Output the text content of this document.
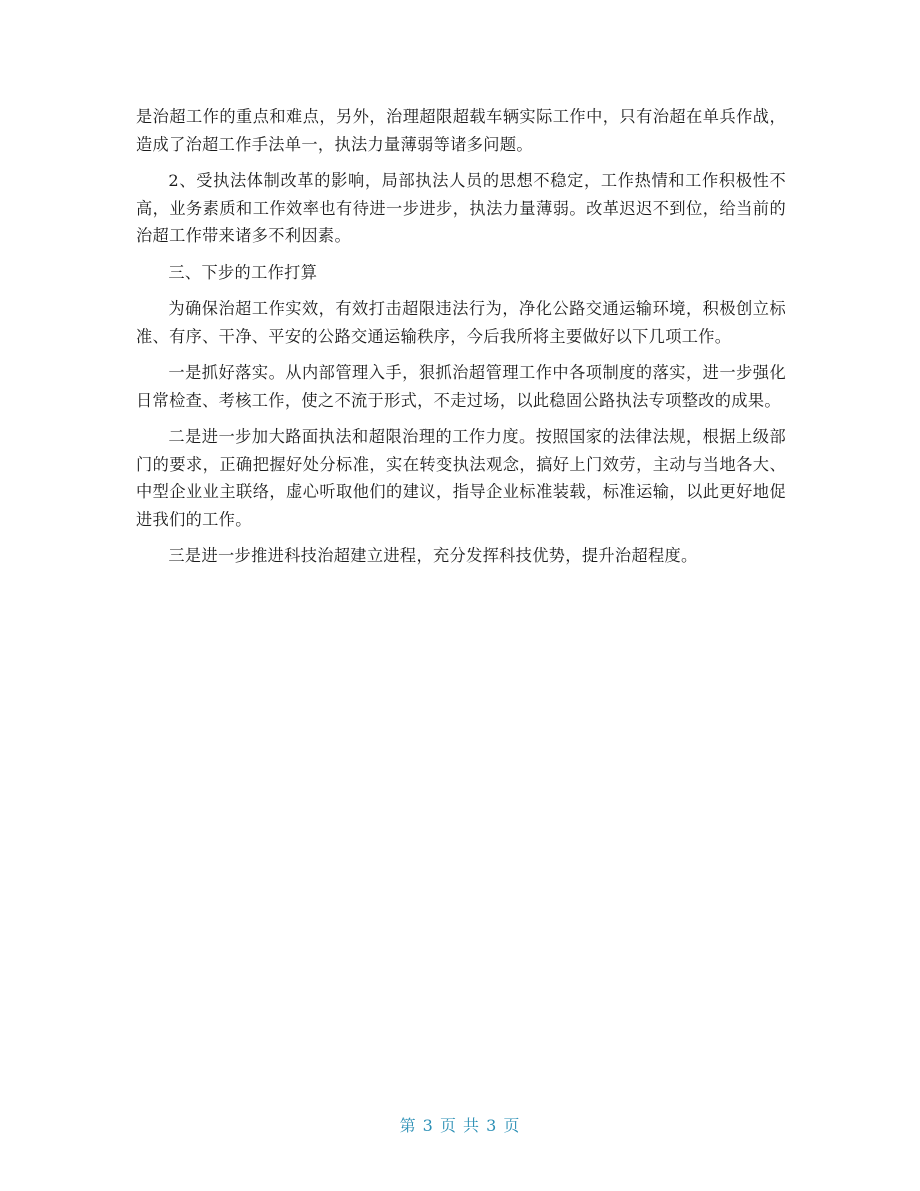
是治超工作的重点和难点，另外，治理超限超载车辆实际工作中，只有治超在单兵作战，造成了治超工作手法单一，执法力量薄弱等诸多问题。

2、受执法体制改革的影响，局部执法人员的思想不稳定，工作热情和工作积极性不高，业务素质和工作效率也有待进一步进步，执法力量薄弱。改革迟迟不到位，给当前的治超工作带来诸多不利因素。

三、下步的工作打算

为确保治超工作实效，有效打击超限违法行为，净化公路交通运输环境，积极创立标准、有序、干净、平安的公路交通运输秩序，今后我所将主要做好以下几项工作。

一是抓好落实。从内部管理入手，狠抓治超管理工作中各项制度的落实，进一步强化日常检查、考核工作，使之不流于形式，不走过场，以此稳固公路执法专项整改的成果。

二是进一步加大路面执法和超限治理的工作力度。按照国家的法律法规，根据上级部门的要求，正确把握好处分标准，实在转变执法观念，搞好上门效劳，主动与当地各大、中型企业业主联络，虚心听取他们的建议，指导企业标准装载，标准运输，以此更好地促进我们的工作。

三是进一步推进科技治超建立进程，充分发挥科技优势，提升治超程度。

第 3 页 共 3 页
